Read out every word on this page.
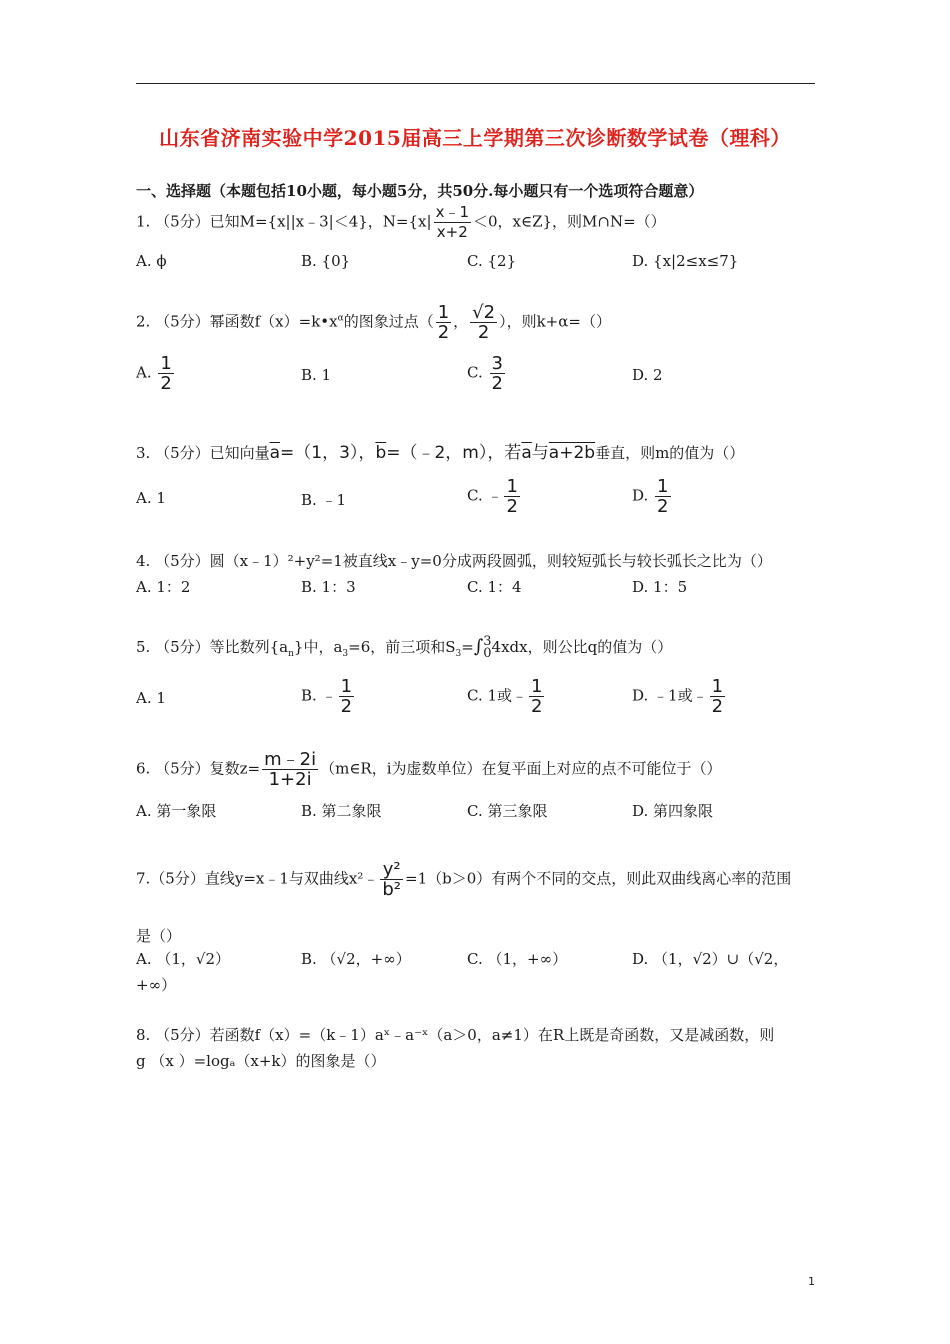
山东省济南实验中学2015届高三上学期第三次诊断数学试卷（理科）
一、选择题（本题包括10小题，每小题5分，共50分.每小题只有一个选项符合题意）
1. （5分）已知M={x||x﹣3|＜4}，$N=\{x| \frac{x﹣1}{x+2} <0$，x∈Z}，则M∩N=（）
A. ϕ	B. {0}	C. {2}	D. {x|2≤x≤7}
2. （5分）幂函数$f(x)=k•x^\alpha$的图象过点（ $\frac{1}{2}$ ， $\frac{√2}{2}$ ），则k+α=（）
A. $\frac{1}{2}$	B. 1	C. $\frac{3}{2}$	D. 2
3. （5分）已知向量$\overline{a}=(1$，3），$\overline{b}=(﹣2$，m），若$\overline{a}$与a+2b垂直，则m的值为（）
A. 1	B. ﹣1	C. ﹣ $\frac{1}{2}$	D. $\frac{1}{2}$
4. （5分）圆（x﹣1）²+y²=1被直线x﹣y=0分成两段圆弧，则较短弧长与较长弧长之比为（）
A. 1：2	B. 1：3	C. 1：4	D. 1：5
5. （5分）等比数列$\{a_n\}$中，$a_3=6$，前三项和$S_3=\int$ 3
0 4xdx，则公比q的值为（）
A. 1	B. ﹣ $\frac{1}{2}$	C. 1或﹣ $\frac{1}{2}$	D. ﹣1或﹣ $\frac{1}{2}$
6. （5分）复数$z= \frac{m﹣2i}{1+2i}$ （m∈R，i为虚数单位）在复平面上对应的点不可能位于（）
A. 第一象限	B. 第二象限	C. 第三象限	D. 第四象限
7.（5分）直线y=x﹣1与双曲线x²﹣ $\frac{\text{y²}}{\text{b²}} =1(b>0)$有两个不同的交点，则此双曲线离心率的范围
是（）
A. （1，√2）	B. （√2，+∞）	C. （1，+∞）	D. （1，√2）∪（√2，
+∞）
8. （5分）若函数f（x）=（k﹣1）aˣ﹣a⁻ˣ（a＞0，a≠1）在R上既是奇函数，又是减函数，则
g （x ）=logₐ（x+k）的图象是（）
1
